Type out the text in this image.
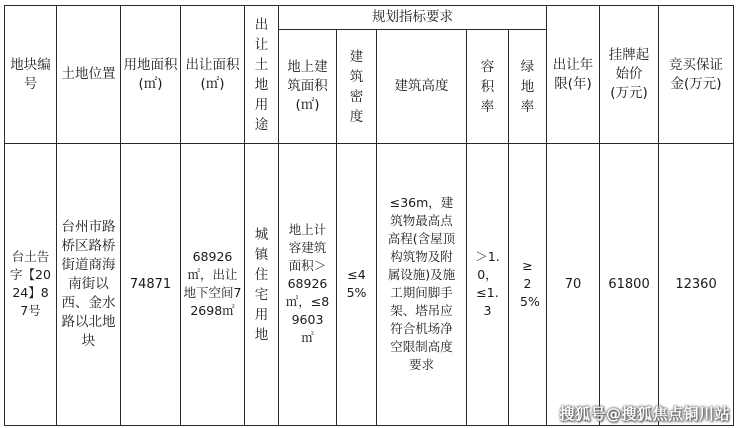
地块编号	土地位置	用地面积(㎡)	出让面积(㎡)	出让土地用途	规划指标要求					出让年限(年)	挂牌起始价(万元)	竞买保证金(万元)
					地上建筑面积(㎡)	建筑密度	建筑高度	容积率	绿地率			
台土告字【2024】87号	台州市路桥区路桥街道商海南街以西、金水路以北地块	74871	68926㎡，出让地下空间72698㎡	城镇住宅用地	地上计容建筑面积＞68926㎡，≤89603㎡	≤45%	≤36m，建筑物最高点高程(含屋顶构筑物及附属设施)及施工期间脚手架、塔吊应符合机场净空限制高度要求	＞1.0，≤1.3	≥25%	70	61800	12360
搜狐号@搜狐焦点铜川站
